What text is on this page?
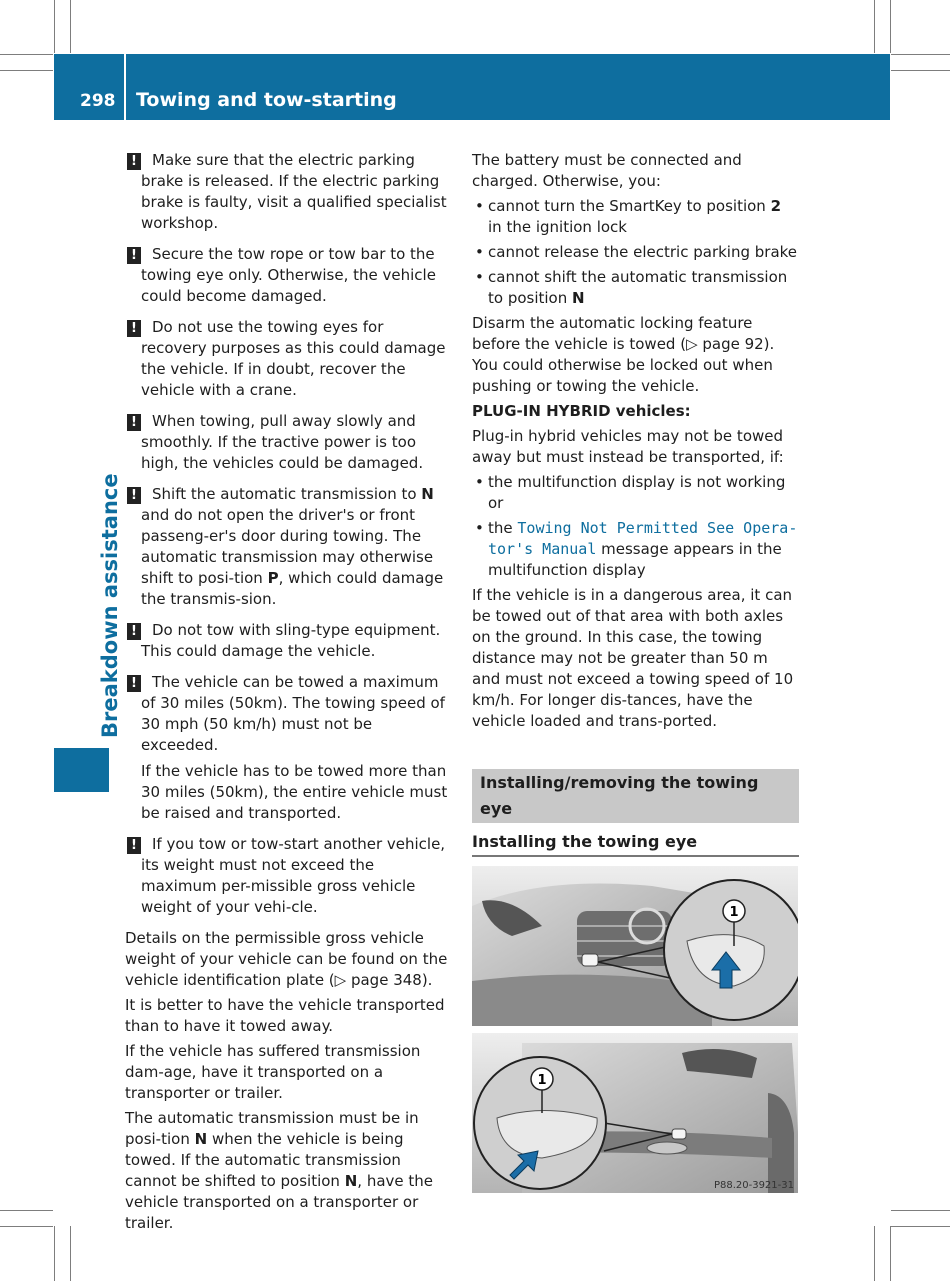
298 Towing and tow-starting
Breakdown assistance
!	Make sure that the electric parking brake is released. If the electric parking brake is faulty, visit a qualified specialist workshop.

!	Secure the tow rope or tow bar to the towing eye only. Otherwise, the vehicle could become damaged.

!	Do not use the towing eyes for recovery purposes as this could damage the vehicle. If in doubt, recover the vehicle with a crane.

!	When towing, pull away slowly and smoothly. If the tractive power is too high, the vehicles could be damaged.

!	Shift the automatic transmission to N and do not open the driver's or front passeng-er's door during towing. The automatic transmission may otherwise shift to posi-tion P, which could damage the transmis-sion.

!	Do not tow with sling-type equipment. This could damage the vehicle.

!	The vehicle can be towed a maximum of 30 miles (50km). The towing speed of 30 mph (50 km/h) must not be exceeded.

If the vehicle has to be towed more than 30 miles (50km), the entire vehicle must be raised and transported.

!	If you tow or tow-start another vehicle, its weight must not exceed the maximum per-missible gross vehicle weight of your vehi-cle.

Details on the permissible gross vehicle weight of your vehicle can be found on the vehicle identification plate (▷ page 348).

It is better to have the vehicle transported than to have it towed away.

If the vehicle has suffered transmission dam-age, have it transported on a transporter or trailer.

The automatic transmission must be in posi-tion N when the vehicle is being towed. If the automatic transmission cannot be shifted to position N, have the vehicle transported on a transporter or trailer.

The battery must be connected and charged. Otherwise, you:

• cannot turn the SmartKey to position 2 in the ignition lock
• cannot release the electric parking brake
• cannot shift the automatic transmission to position N

Disarm the automatic locking feature before the vehicle is towed (▷ page 92). You could otherwise be locked out when pushing or towing the vehicle.

PLUG-IN HYBRID vehicles:

Plug-in hybrid vehicles may not be towed away but must instead be transported, if:

• the multifunction display is not working or
• the Towing Not Permitted See Opera-tor's Manual message appears in the multifunction display

If the vehicle is in a dangerous area, it can be towed out of that area with both axles on the ground. In this case, the towing distance may not be greater than 50 m and must not exceed a towing speed of 10 km/h. For longer dis-tances, have the vehicle loaded and trans-ported.

Installing/removing the towing eye
Installing the towing eye
1
1
P88.20-3921-31
